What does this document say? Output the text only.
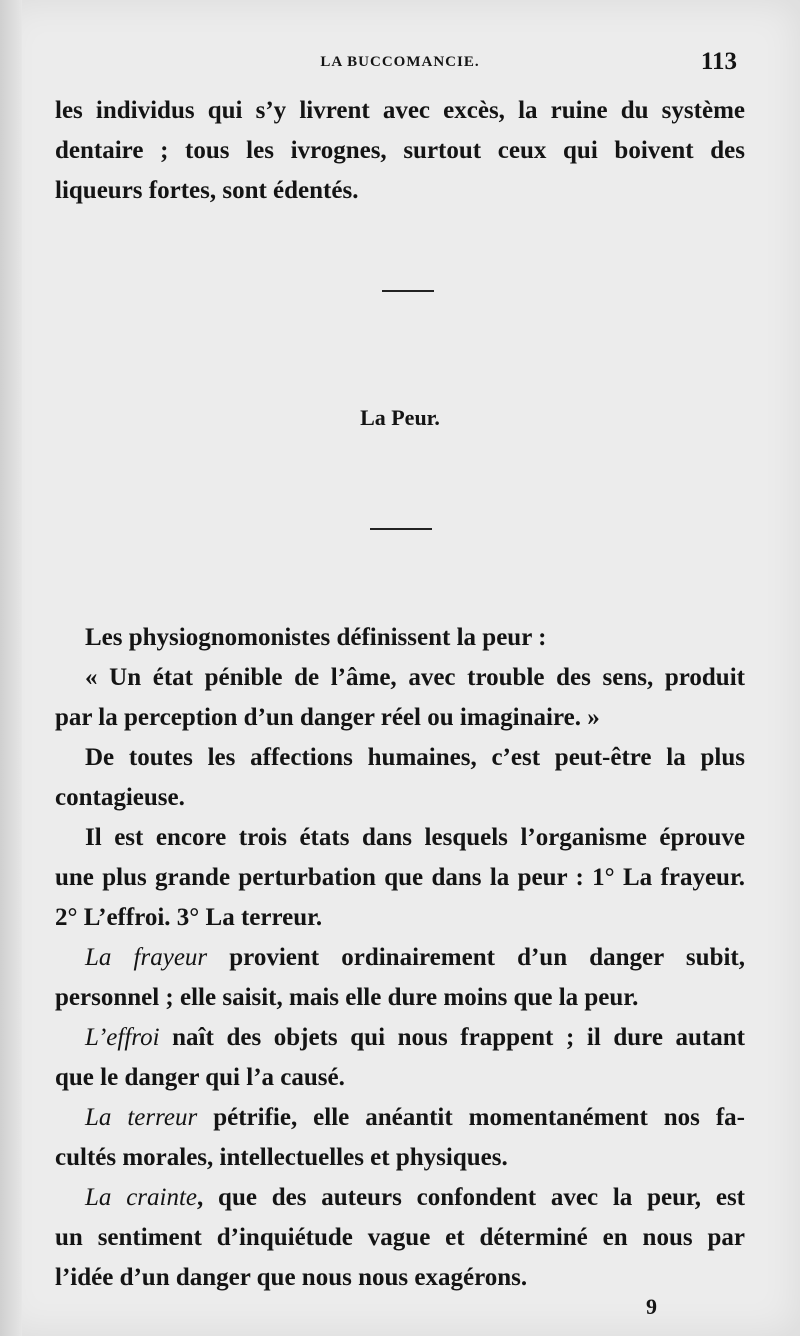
LA BUCCOMANCIE.	113
les individus qui s’y livrent avec excès, la ruine du système
dentaire ; tous les ivrognes, surtout ceux qui boivent des
liqueurs fortes, sont édentés.
La Peur.
Les physiognomonistes définissent la peur :
« Un état pénible de l’âme, avec trouble des sens, produit
par la perception d’un danger réel ou imaginaire. »
De toutes les affections humaines, c’est peut-être la plus
contagieuse.
Il est encore trois états dans lesquels l’organisme éprouve
une plus grande perturbation que dans la peur : 1° La frayeur.
2° L’effroi. 3° La terreur.
La frayeur provient ordinairement d’un danger subit,
personnel ; elle saisit, mais elle dure moins que la peur.
L’effroi naît des objets qui nous frappent ; il dure autant
que le danger qui l’a causé.
La terreur pétrifie, elle anéantit momentanément nos fa-
cultés morales, intellectuelles et physiques.
La crainte, que des auteurs confondent avec la peur, est
un sentiment d’inquiétude vague et déterminé en nous par
l’idée d’un danger que nous nous exagérons.
9
